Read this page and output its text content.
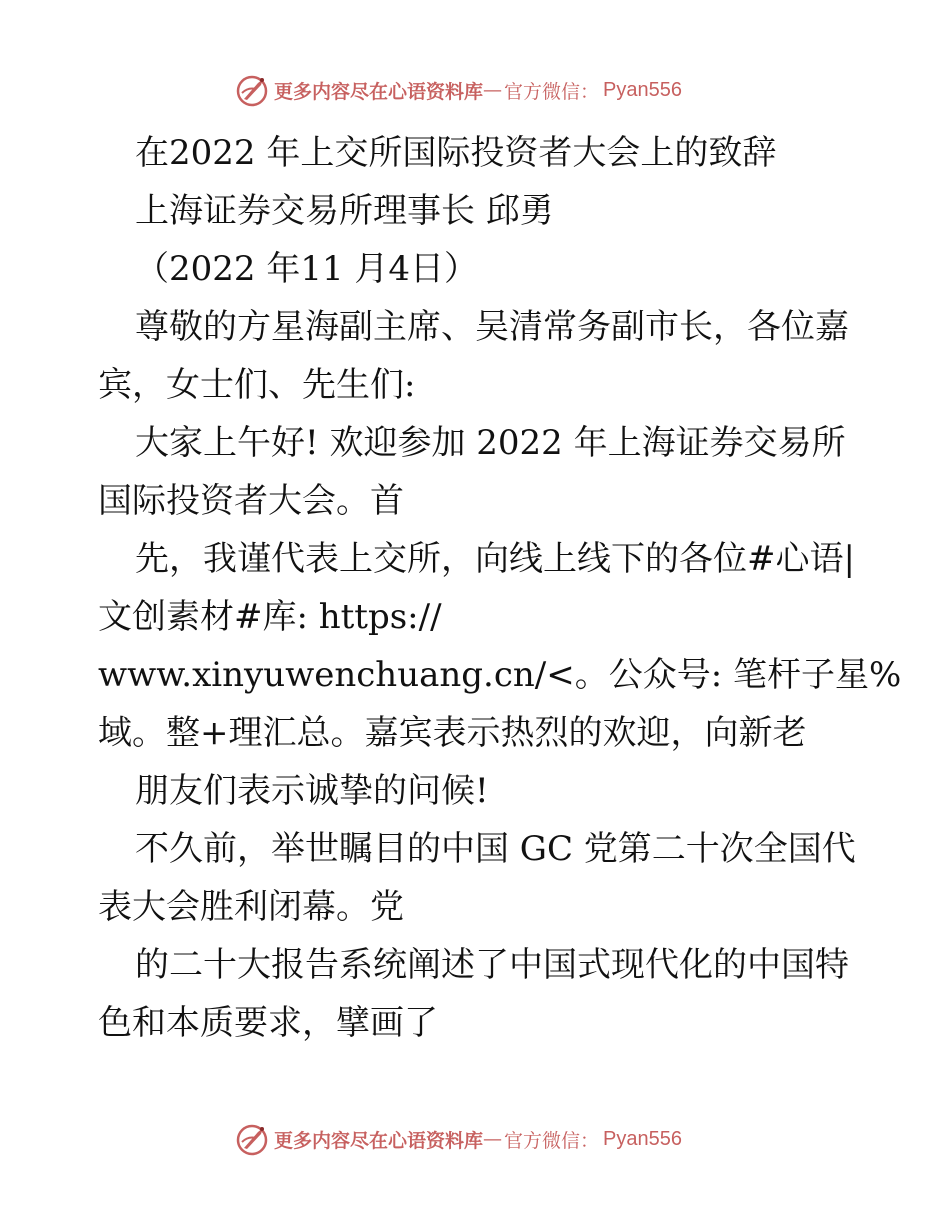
更多内容尽在心语资料库 — 官方微信： Pyan556
在2022 年上交所国际投资者大会上的致辞
上海证券交易所理事长 邱勇
（2022 年11 月4日）
尊敬的方星海副主席、吴清常务副市长，各位嘉
宾，女士们、先生们:
大家上午好! 欢迎参加 2022 年上海证券交易所
国际投资者大会。首
先，我谨代表上交所，向线上线下的各位#心语|
文创素材#库: https://
www.xinyuwenchuang.cn/<。公众号: 笔杆子星%
域。整+理汇总。嘉宾表示热烈的欢迎，向新老
朋友们表示诚挚的问候!
不久前，举世瞩目的中国 GC 党第二十次全国代
表大会胜利闭幕。党
的二十大报告系统阐述了中国式现代化的中国特
色和本质要求，擘画了
更多内容尽在心语资料库 — 官方微信： Pyan556
